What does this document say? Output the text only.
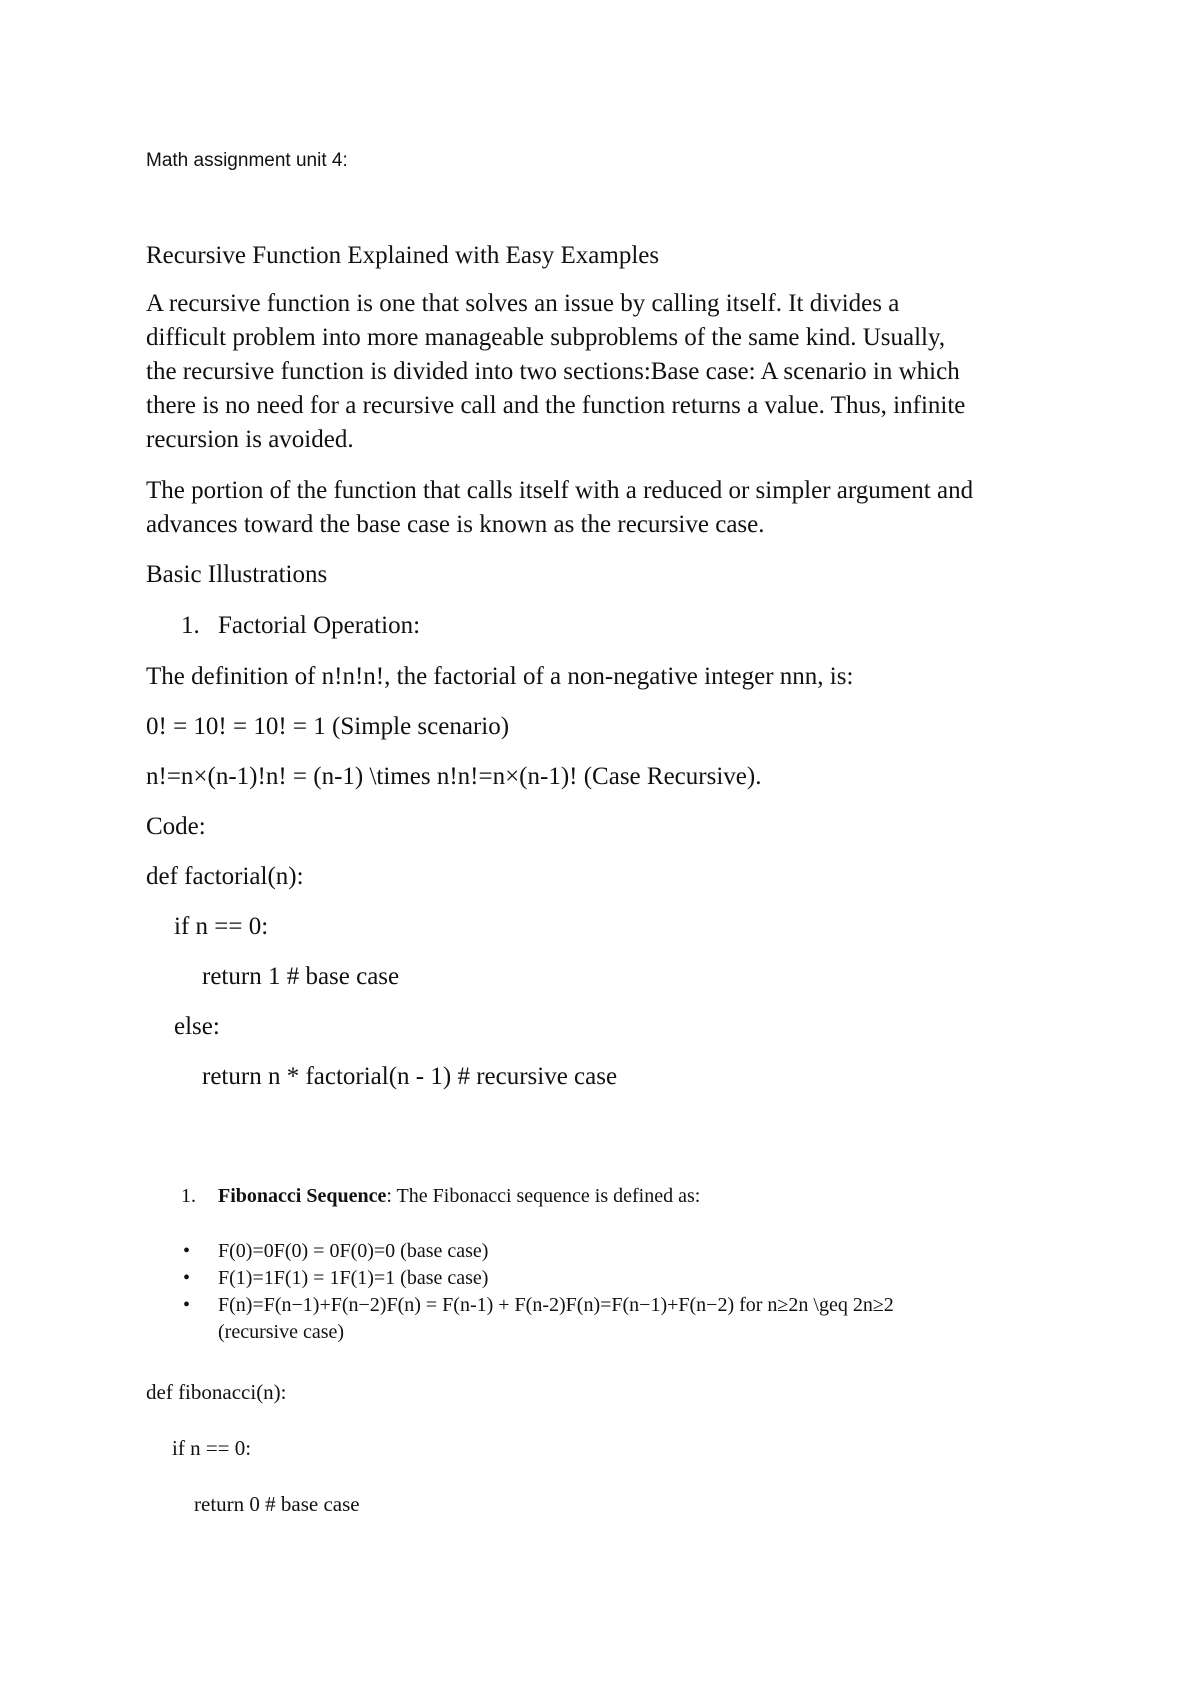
Math assignment unit 4:
Recursive Function Explained with Easy Examples
A recursive function is one that solves an issue by calling itself. It divides a
difficult problem into more manageable subproblems of the same kind. Usually,
the recursive function is divided into two sections:Base case: A scenario in which
there is no need for a recursive call and the function returns a value. Thus, infinite
recursion is avoided.
The portion of the function that calls itself with a reduced or simpler argument and
advances toward the base case is known as the recursive case.
Basic Illustrations
1. Factorial Operation:
The definition of n!n!n!, the factorial of a non-negative integer nnn, is:
0! = 10! = 10! = 1 (Simple scenario)
n!=n×(n-1)!n! = (n-1) \times n!n!=n×(n-1)! (Case Recursive).
Code:
def factorial(n):
if n == 0:
return 1 # base case
else:
return n * factorial(n - 1) # recursive case
1. Fibonacci Sequence: The Fibonacci sequence is defined as:
• F(0)=0F(0) = 0F(0)=0 (base case)
• F(1)=1F(1) = 1F(1)=1 (base case)
• F(n)=F(n−1)+F(n−2)F(n) = F(n-1) + F(n-2)F(n)=F(n−1)+F(n−2) for n≥2n \geq 2n≥2
(recursive case)
def fibonacci(n):
if n == 0:
return 0 # base case
